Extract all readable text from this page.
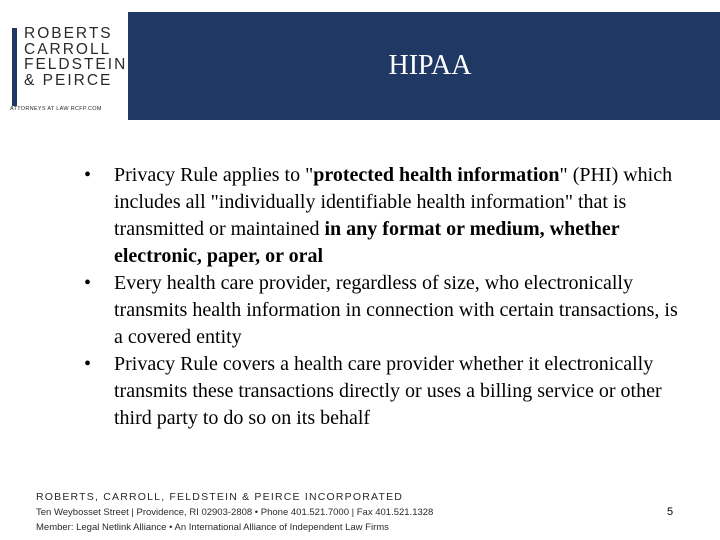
ROBERTS
CARROLL
FELDSTEIN
& PEIRCE
ATTORNEYS AT LAW RCFP.COM
HIPAA
• Privacy Rule applies to "protected health information" (PHI) which includes all "individually identifiable health information" that is transmitted or maintained in any format or medium, whether electronic, paper, or oral
• Every health care provider, regardless of size, who electronically transmits health information in connection with certain transactions, is a covered entity
• Privacy Rule covers a health care provider whether it electronically transmits these transactions directly or uses a billing service or other third party to do so on its behalf
ROBERTS, CARROLL, FELDSTEIN & PEIRCE INCORPORATED
Ten Weybosset Street | Providence, RI 02903-2808 • Phone 401.521.7000 | Fax 401.521.1328
Member: Legal Netlink Alliance • An International Alliance of Independent Law Firms
5
